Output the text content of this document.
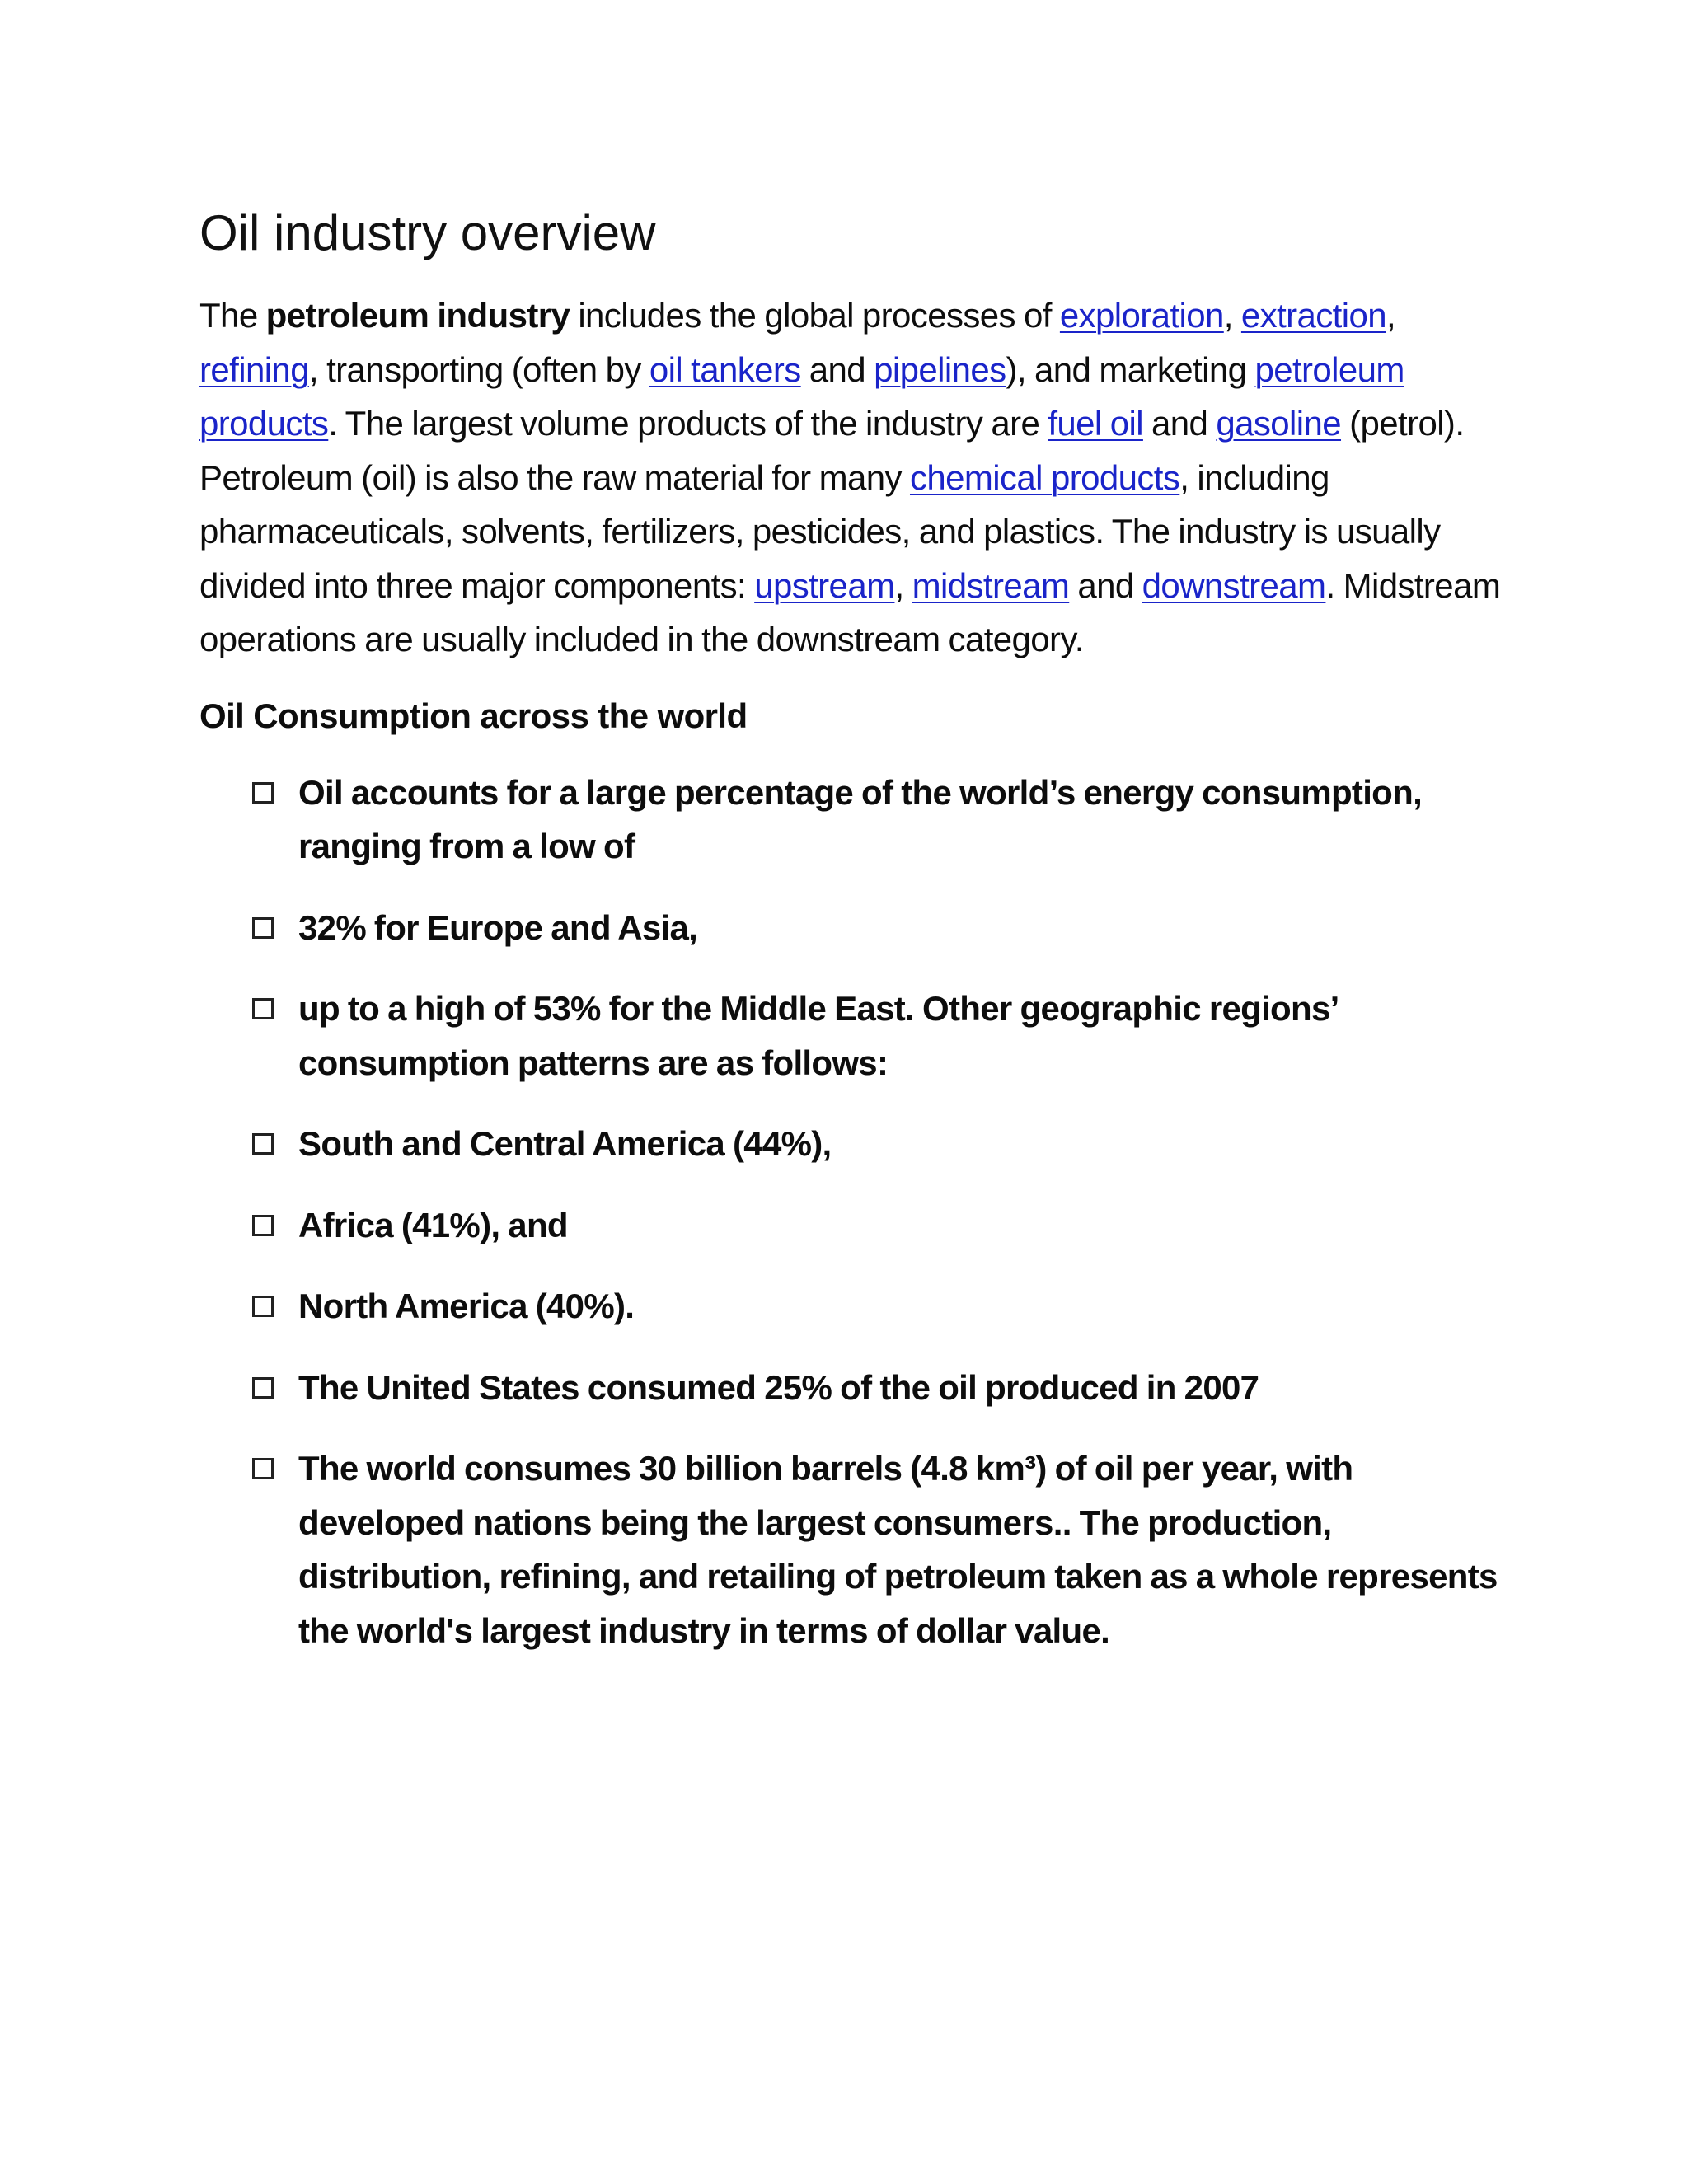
Oil industry overview

The petroleum industry includes the global processes of exploration, extraction, refining, transporting (often by oil tankers and pipelines), and marketing petroleum products. The largest volume products of the industry are fuel oil and gasoline (petrol). Petroleum (oil) is also the raw material for many chemical products, including pharmaceuticals, solvents, fertilizers, pesticides, and plastics. The industry is usually divided into three major components: upstream, midstream and downstream. Midstream operations are usually included in the downstream category.

Oil Consumption across the world
Oil accounts for a large percentage of the world’s energy consumption, ranging from a low of
32% for Europe and Asia,
up to a high of 53% for the Middle East. Other geographic regions’ consumption patterns are as follows:
South and Central America (44%),
Africa (41%), and
North America (40%).
The United States consumed 25% of the oil produced in 2007
The world consumes 30 billion barrels (4.8 km³) of oil per year, with developed nations being the largest consumers.. The production, distribution, refining, and retailing of petroleum taken as a whole represents the world's largest industry in terms of dollar value.
